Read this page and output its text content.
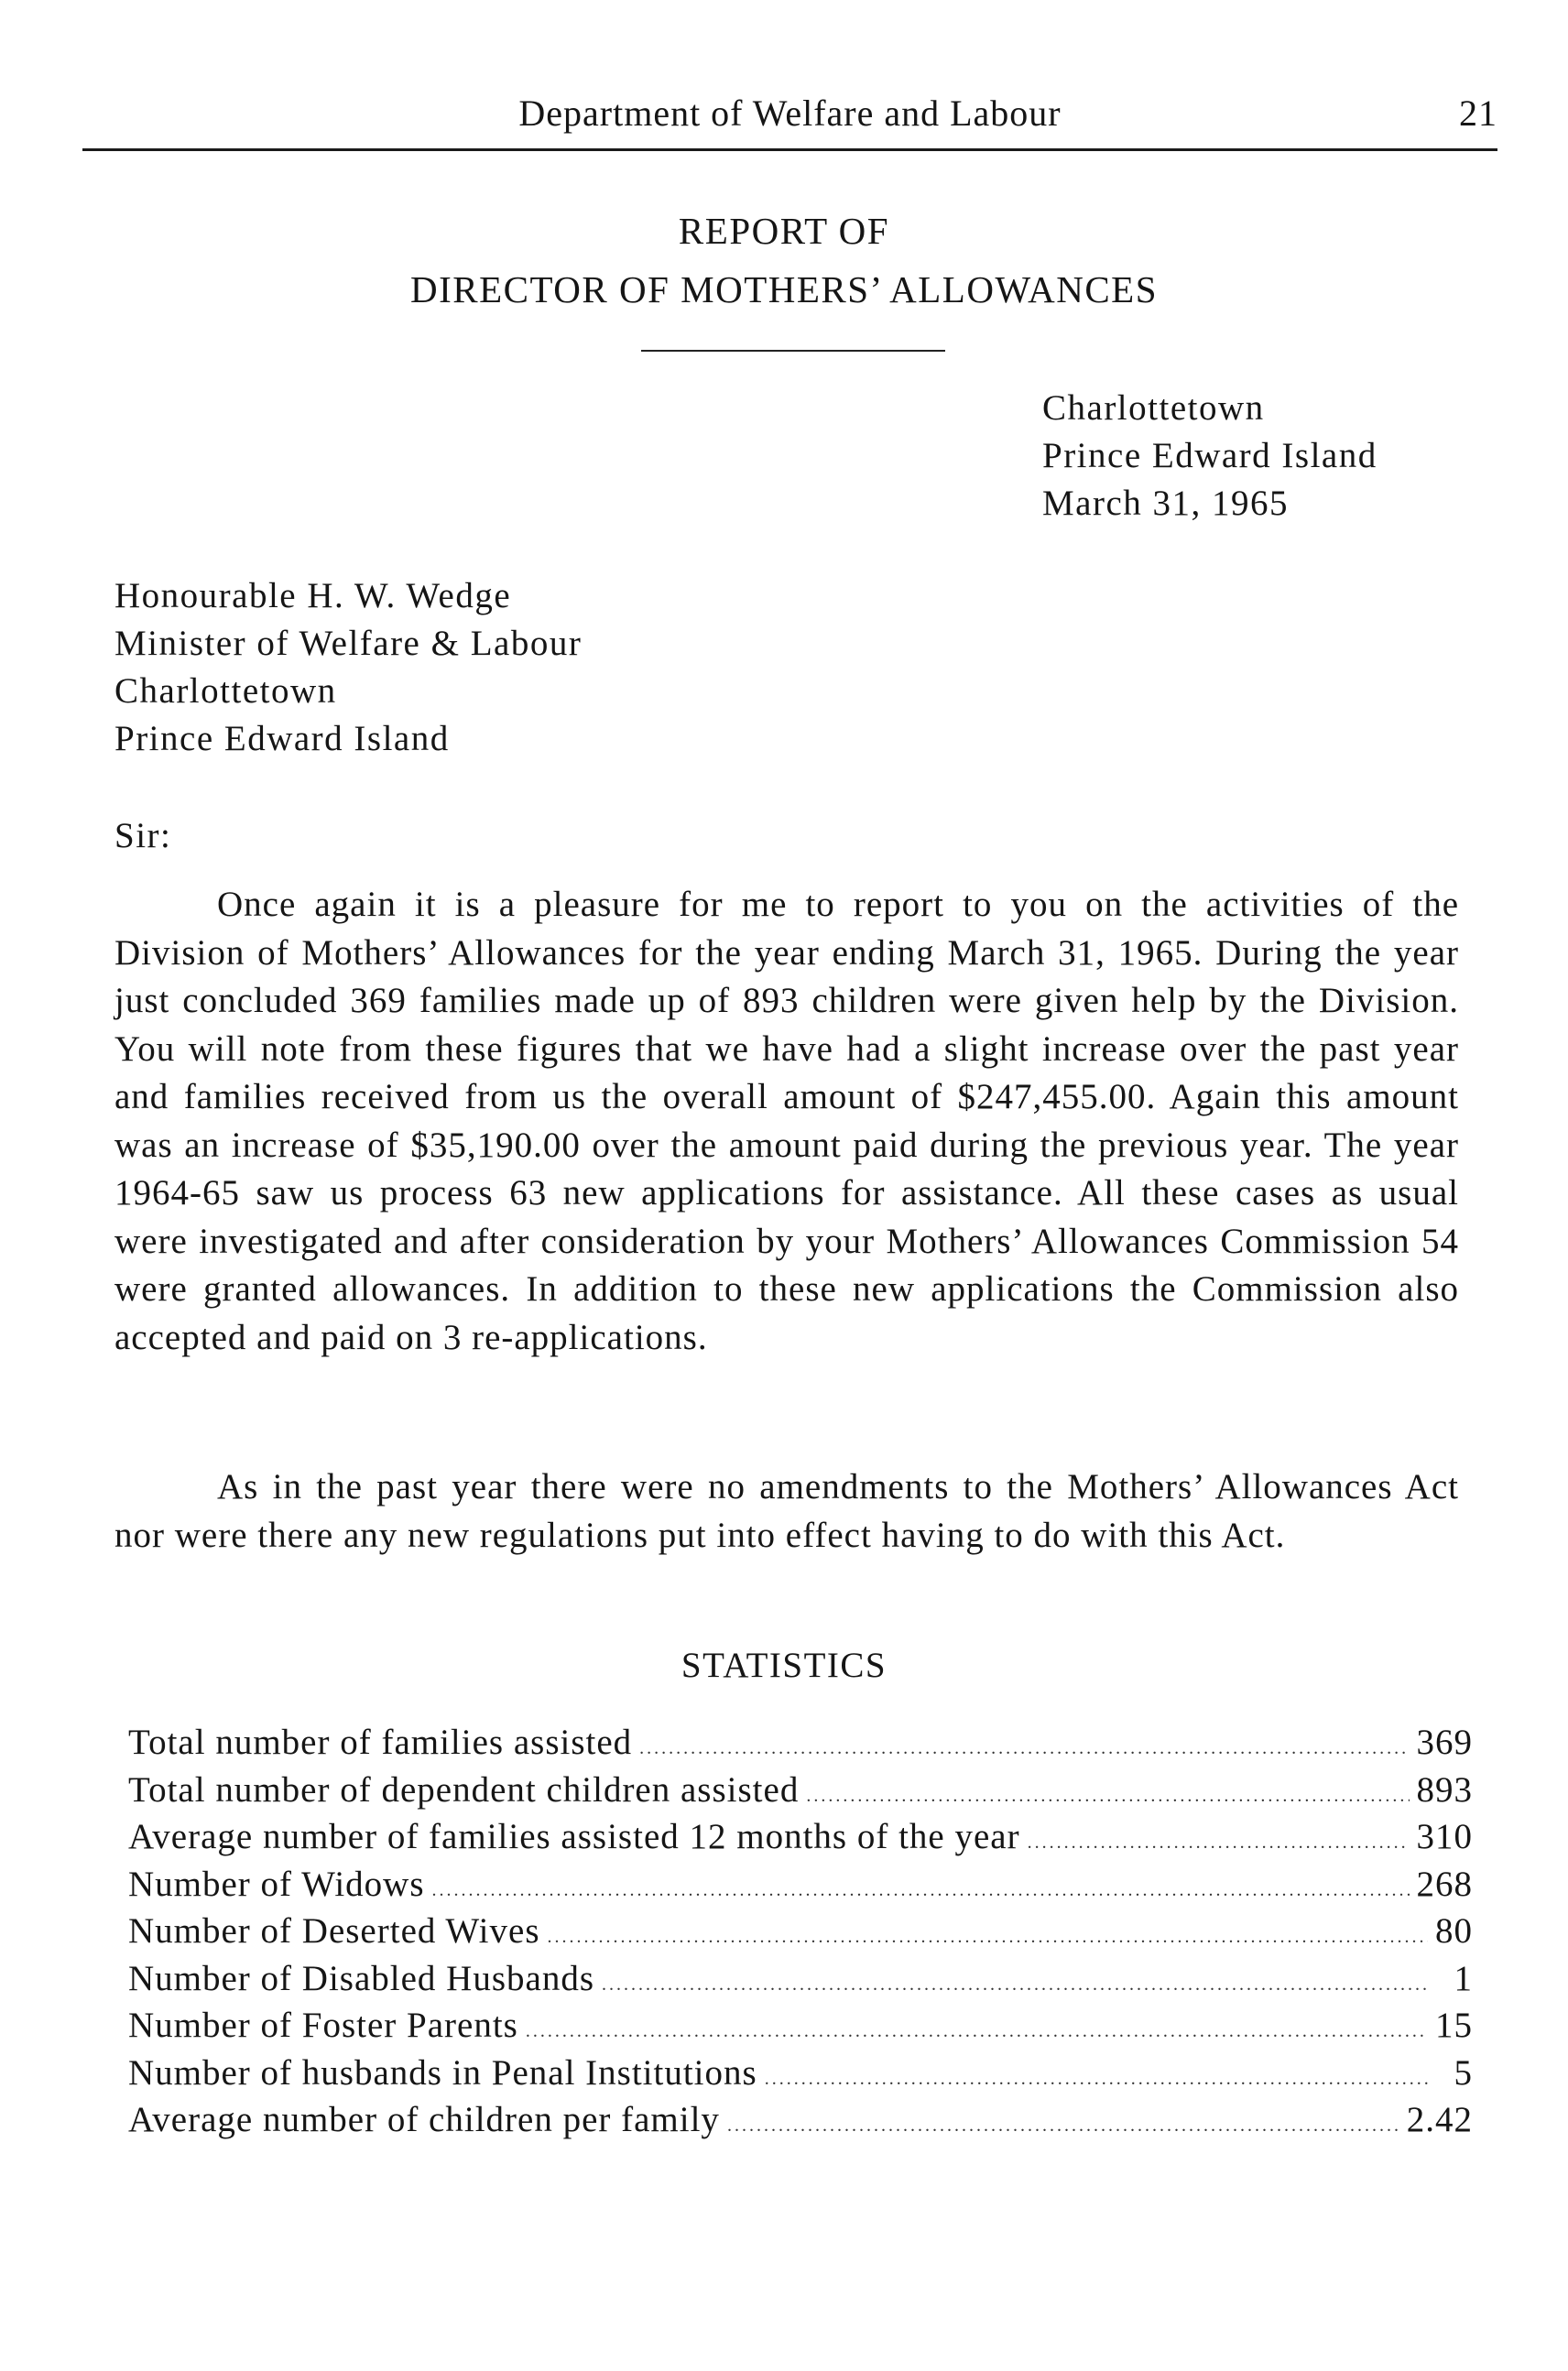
Department of Welfare and Labour	21
REPORT OF
DIRECTOR OF MOTHERS’ ALLOWANCES
Charlottetown
Prince Edward Island
March 31, 1965
Honourable H. W. Wedge
Minister of Welfare & Labour
Charlottetown
Prince Edward Island
Sir:

Once again it is a pleasure for me to report to you on the activities of the Division of Mothers’ Allowances for the year ending March 31, 1965. During the year just concluded 369 families made up of 893 children were given help by the Division. You will note from these figures that we have had a slight increase over the past year and families received from us the overall amount of $247,455.00. Again this amount was an increase of $35,190.00 over the amount paid during the previous year. The year 1964-65 saw us process 63 new applications for assistance. All these cases as usual were investigated and after consideration by your Mothers’ Allowances Commission 54 were granted allowances. In addition to these new applications the Commission also accepted and paid on 3 re-applications.

As in the past year there were no amendments to the Mothers’ Allowances Act nor were there any new regulations put into effect having to do with this Act.

STATISTICS
Total number of families assisted .....	369
Total number of dependent children assisted .....	893
Average number of families assisted 12 months of the year .....	310
Number of Widows .....	268
Number of Deserted Wives .....	80
Number of Disabled Husbands .....	1
Number of Foster Parents .....	15
Number of husbands in Penal Institutions .....	5
Average number of children per family .....	2.42
